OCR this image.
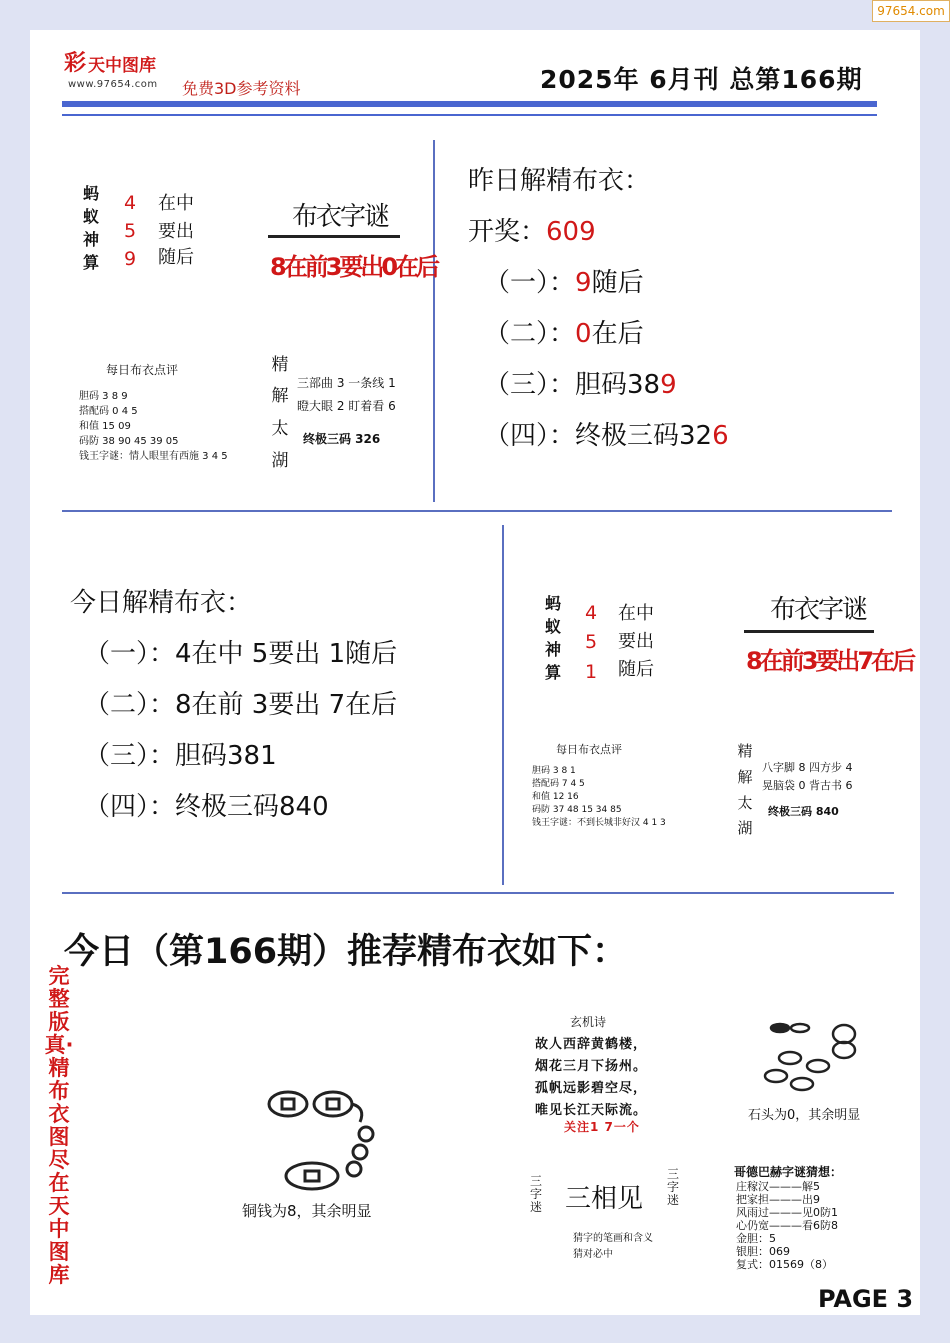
97654.com
彩 天中图库
www.97654.com 免费3D参考资料	2025年 6月刊 总第166期
蚂
蚁
神
算
4
5
9
在中
要出
随后
布衣字谜
8在前3要出0在后
每日布衣点评
胆码 3 8 9
搭配码 0 4 5
和值 15 09
码防 38 90 45 39 05
钱王字谜：情人眼里有西施 3 4 5
精
解
太
湖
三部曲 3 一条线 1
瞪大眼 2 盯着看 6
终极三码 326
昨日解精布衣：
开奖：609
（一）：9随后
（二）：0在后
（三）：胆码389
（四）：终极三码326
今日解精布衣：
（一）：4在中 5要出 1随后
（二）：8在前 3要出 7在后
（三）：胆码381
（四）：终极三码840
蚂
蚁
神
算
4
5
1
在中
要出
随后
布衣字谜
8在前3要出7在后
每日布衣点评
胆码 3 8 1
搭配码 7 4 5
和值 12 16
码防 37 48 15 34 85
钱王字谜：不到长城非好汉 4 1 3
精
解
太
湖
八字脚 8 四方步 4
晃脑袋 0 背古书 6
终极三码 840
今日（第166期）推荐精布衣如下：
完整版真·精布衣图尽在天中图库
铜钱为8，其余明显
玄机诗
故人西辞黄鹤楼，
烟花三月下扬州。
孤帆远影碧空尽，
唯见长江天际流。
关注1 7一个
石头为0，其余明显
三字迷 三相见
三字迷
猜字的笔画和含义
猜对必中
哥德巴赫字谜猜想：
庄稼汉———解5
把家担———出9
风雨过———见0防1
心仍宽———看6防8
金胆：5
银胆：069
复式：01569（8）
PAGE 3
